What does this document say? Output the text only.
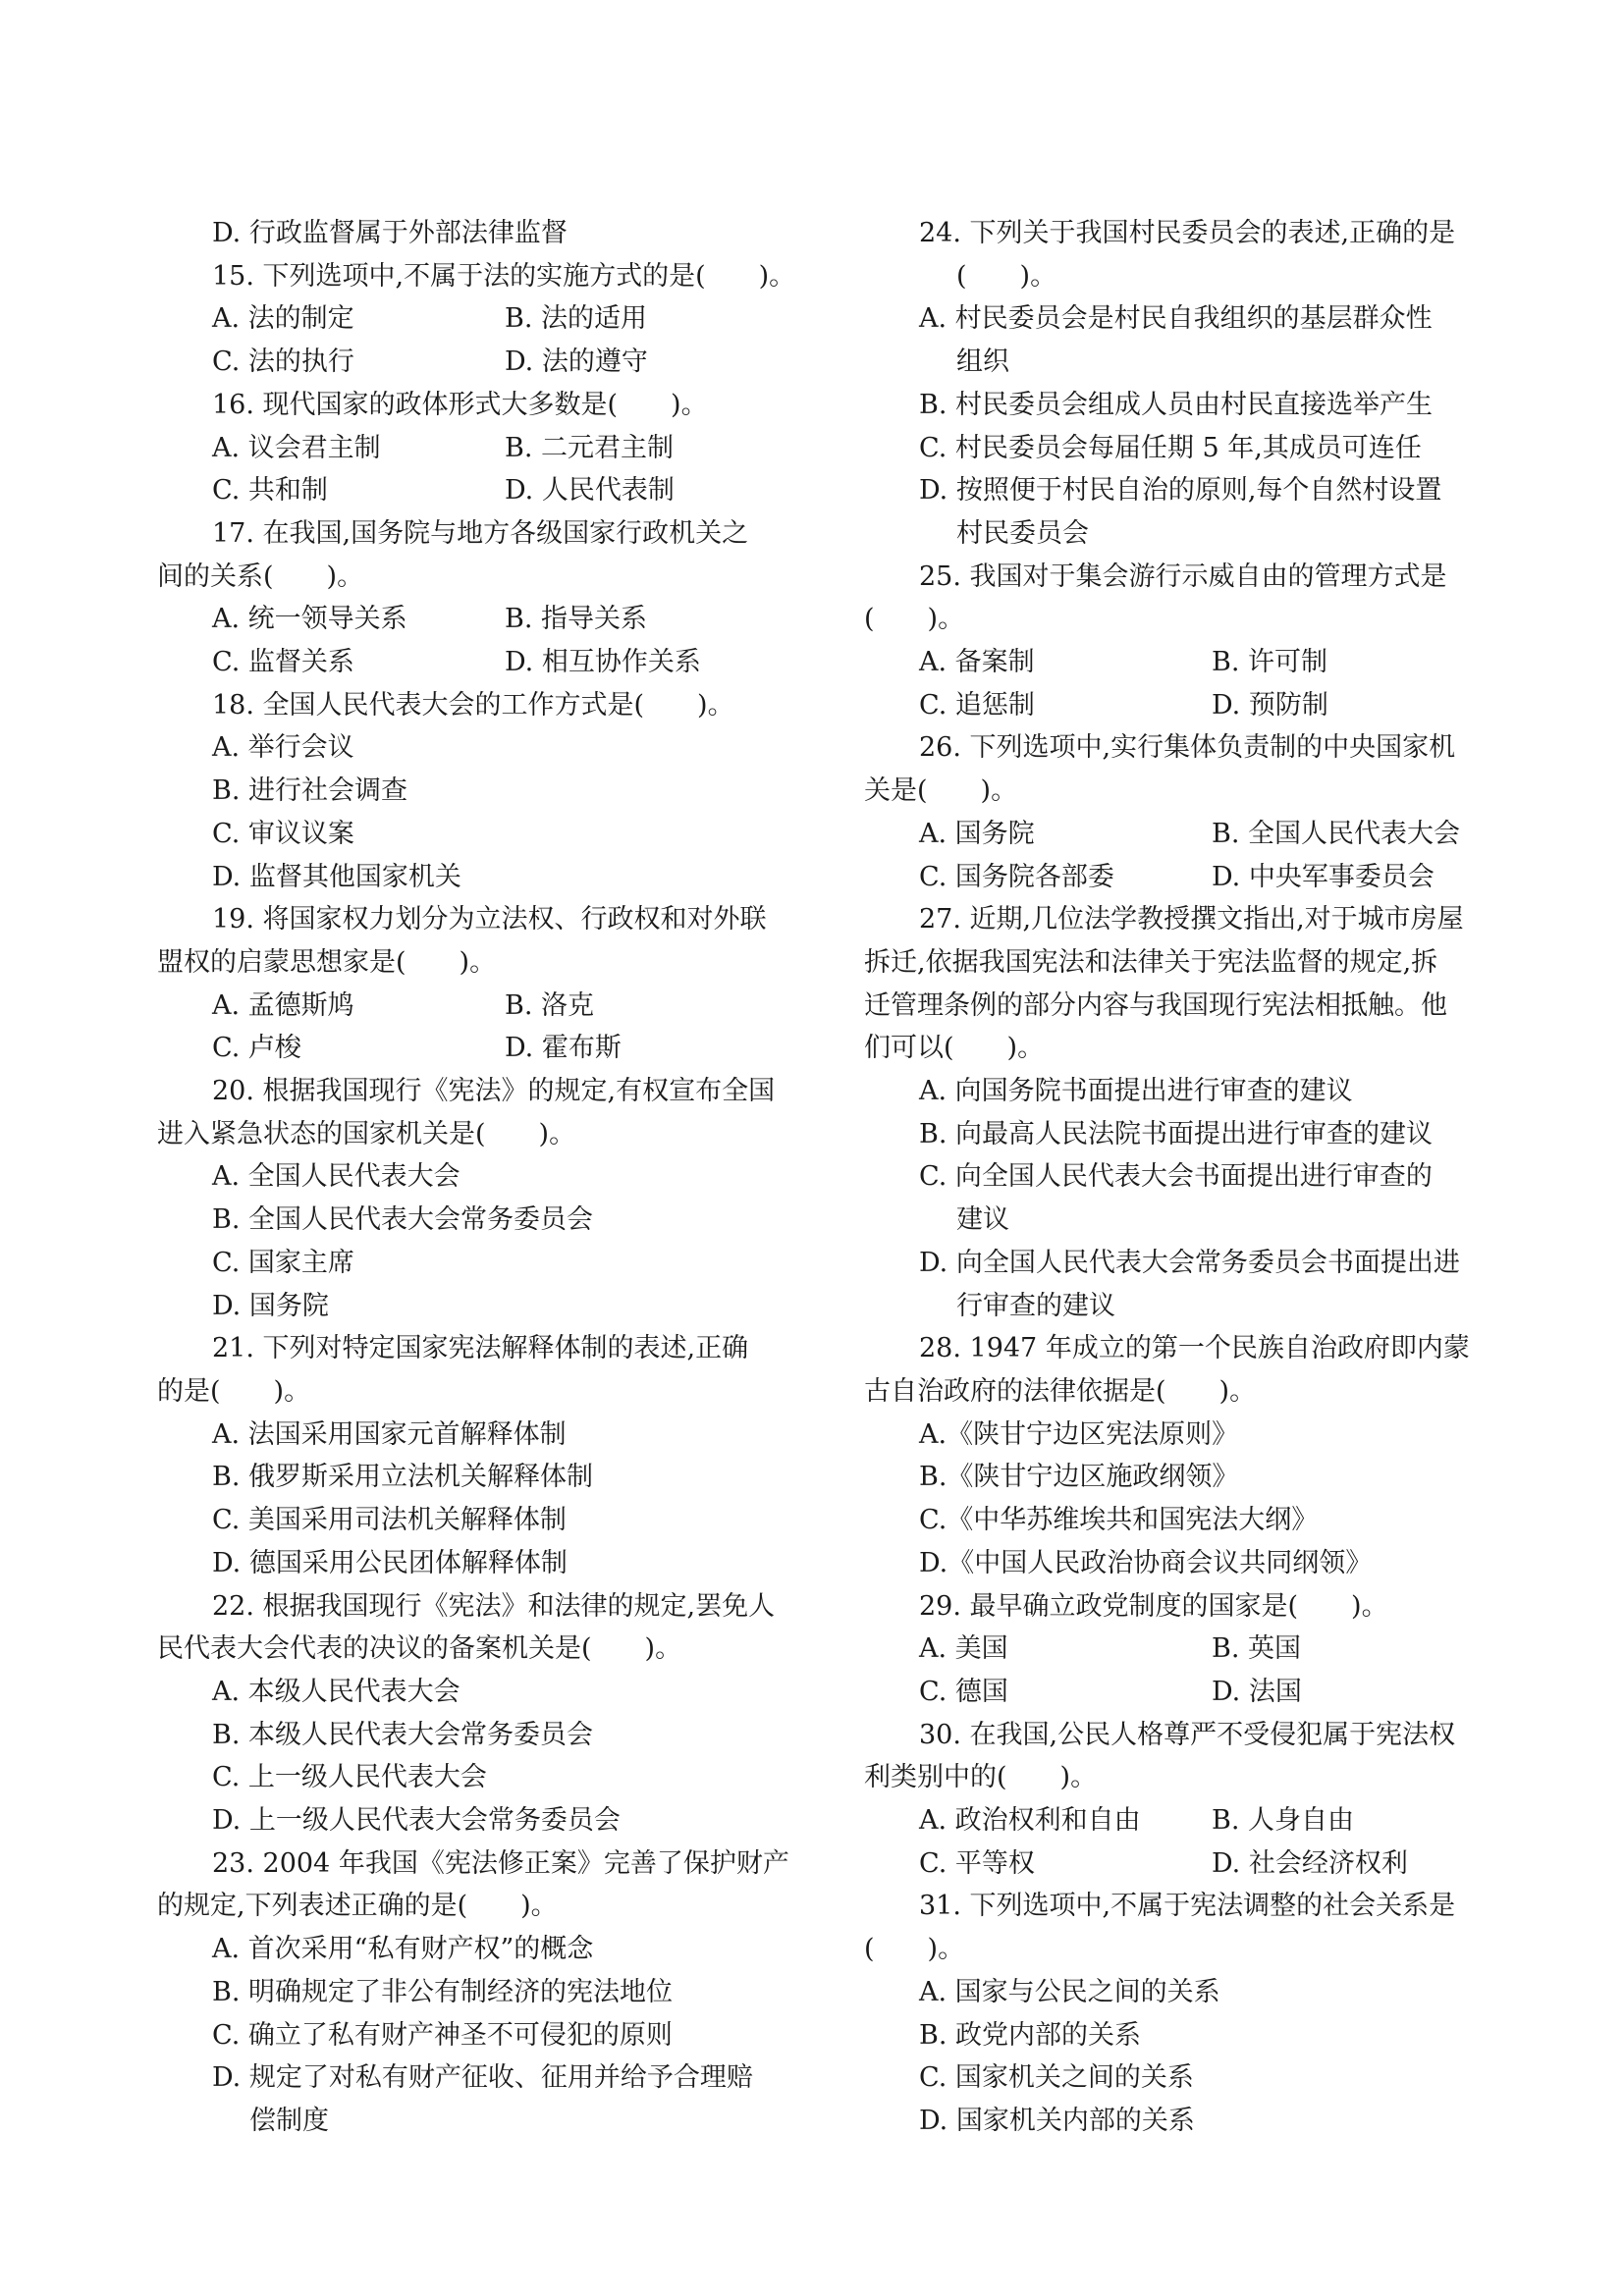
D. 行政监督属于外部法律监督
15. 下列选项中,不属于法的实施方式的是(　　)。
A. 法的制定	B. 法的适用
C. 法的执行	D. 法的遵守
16. 现代国家的政体形式大多数是(　　)。
A. 议会君主制	B. 二元君主制
C. 共和制	D. 人民代表制
17. 在我国,国务院与地方各级国家行政机关之
间的关系(　　)。
A. 统一领导关系	B. 指导关系
C. 监督关系	D. 相互协作关系
18. 全国人民代表大会的工作方式是(　　)。
A. 举行会议
B. 进行社会调查
C. 审议议案
D. 监督其他国家机关
19. 将国家权力划分为立法权、行政权和对外联
盟权的启蒙思想家是(　　)。
A. 孟德斯鸠	B. 洛克
C. 卢梭	D. 霍布斯
20. 根据我国现行《宪法》的规定,有权宣布全国
进入紧急状态的国家机关是(　　)。
A. 全国人民代表大会
B. 全国人民代表大会常务委员会
C. 国家主席
D. 国务院
21. 下列对特定国家宪法解释体制的表述,正确
的是(　　)。
A. 法国采用国家元首解释体制
B. 俄罗斯采用立法机关解释体制
C. 美国采用司法机关解释体制
D. 德国采用公民团体解释体制
22. 根据我国现行《宪法》和法律的规定,罢免人
民代表大会代表的决议的备案机关是(　　)。
A. 本级人民代表大会
B. 本级人民代表大会常务委员会
C. 上一级人民代表大会
D. 上一级人民代表大会常务委员会
23. 2004 年我国《宪法修正案》完善了保护财产
的规定,下列表述正确的是(　　)。
A. 首次采用“私有财产权”的概念
B. 明确规定了非公有制经济的宪法地位
C. 确立了私有财产神圣不可侵犯的原则
D. 规定了对私有财产征收、征用并给予合理赔
偿制度
24. 下列关于我国村民委员会的表述,正确的是
(　　)。
A. 村民委员会是村民自我组织的基层群众性
组织
B. 村民委员会组成人员由村民直接选举产生
C. 村民委员会每届任期 5 年,其成员可连任
D. 按照便于村民自治的原则,每个自然村设置
村民委员会
25. 我国对于集会游行示威自由的管理方式是
(　　)。
A. 备案制	B. 许可制
C. 追惩制	D. 预防制
26. 下列选项中,实行集体负责制的中央国家机
关是(　　)。
A. 国务院	B. 全国人民代表大会
C. 国务院各部委	D. 中央军事委员会
27. 近期,几位法学教授撰文指出,对于城市房屋
拆迁,依据我国宪法和法律关于宪法监督的规定,拆
迁管理条例的部分内容与我国现行宪法相抵触。他
们可以(　　)。
A. 向国务院书面提出进行审查的建议
B. 向最高人民法院书面提出进行审查的建议
C. 向全国人民代表大会书面提出进行审查的
建议
D. 向全国人民代表大会常务委员会书面提出进
行审查的建议
28. 1947 年成立的第一个民族自治政府即内蒙
古自治政府的法律依据是(　　)。
A.《陕甘宁边区宪法原则》
B.《陕甘宁边区施政纲领》
C.《中华苏维埃共和国宪法大纲》
D.《中国人民政治协商会议共同纲领》
29. 最早确立政党制度的国家是(　　)。
A. 美国	B. 英国
C. 德国	D. 法国
30. 在我国,公民人格尊严不受侵犯属于宪法权
利类别中的(　　)。
A. 政治权利和自由	B. 人身自由
C. 平等权	D. 社会经济权利
31. 下列选项中,不属于宪法调整的社会关系是
(　　)。
A. 国家与公民之间的关系
B. 政党内部的关系
C. 国家机关之间的关系
D. 国家机关内部的关系
